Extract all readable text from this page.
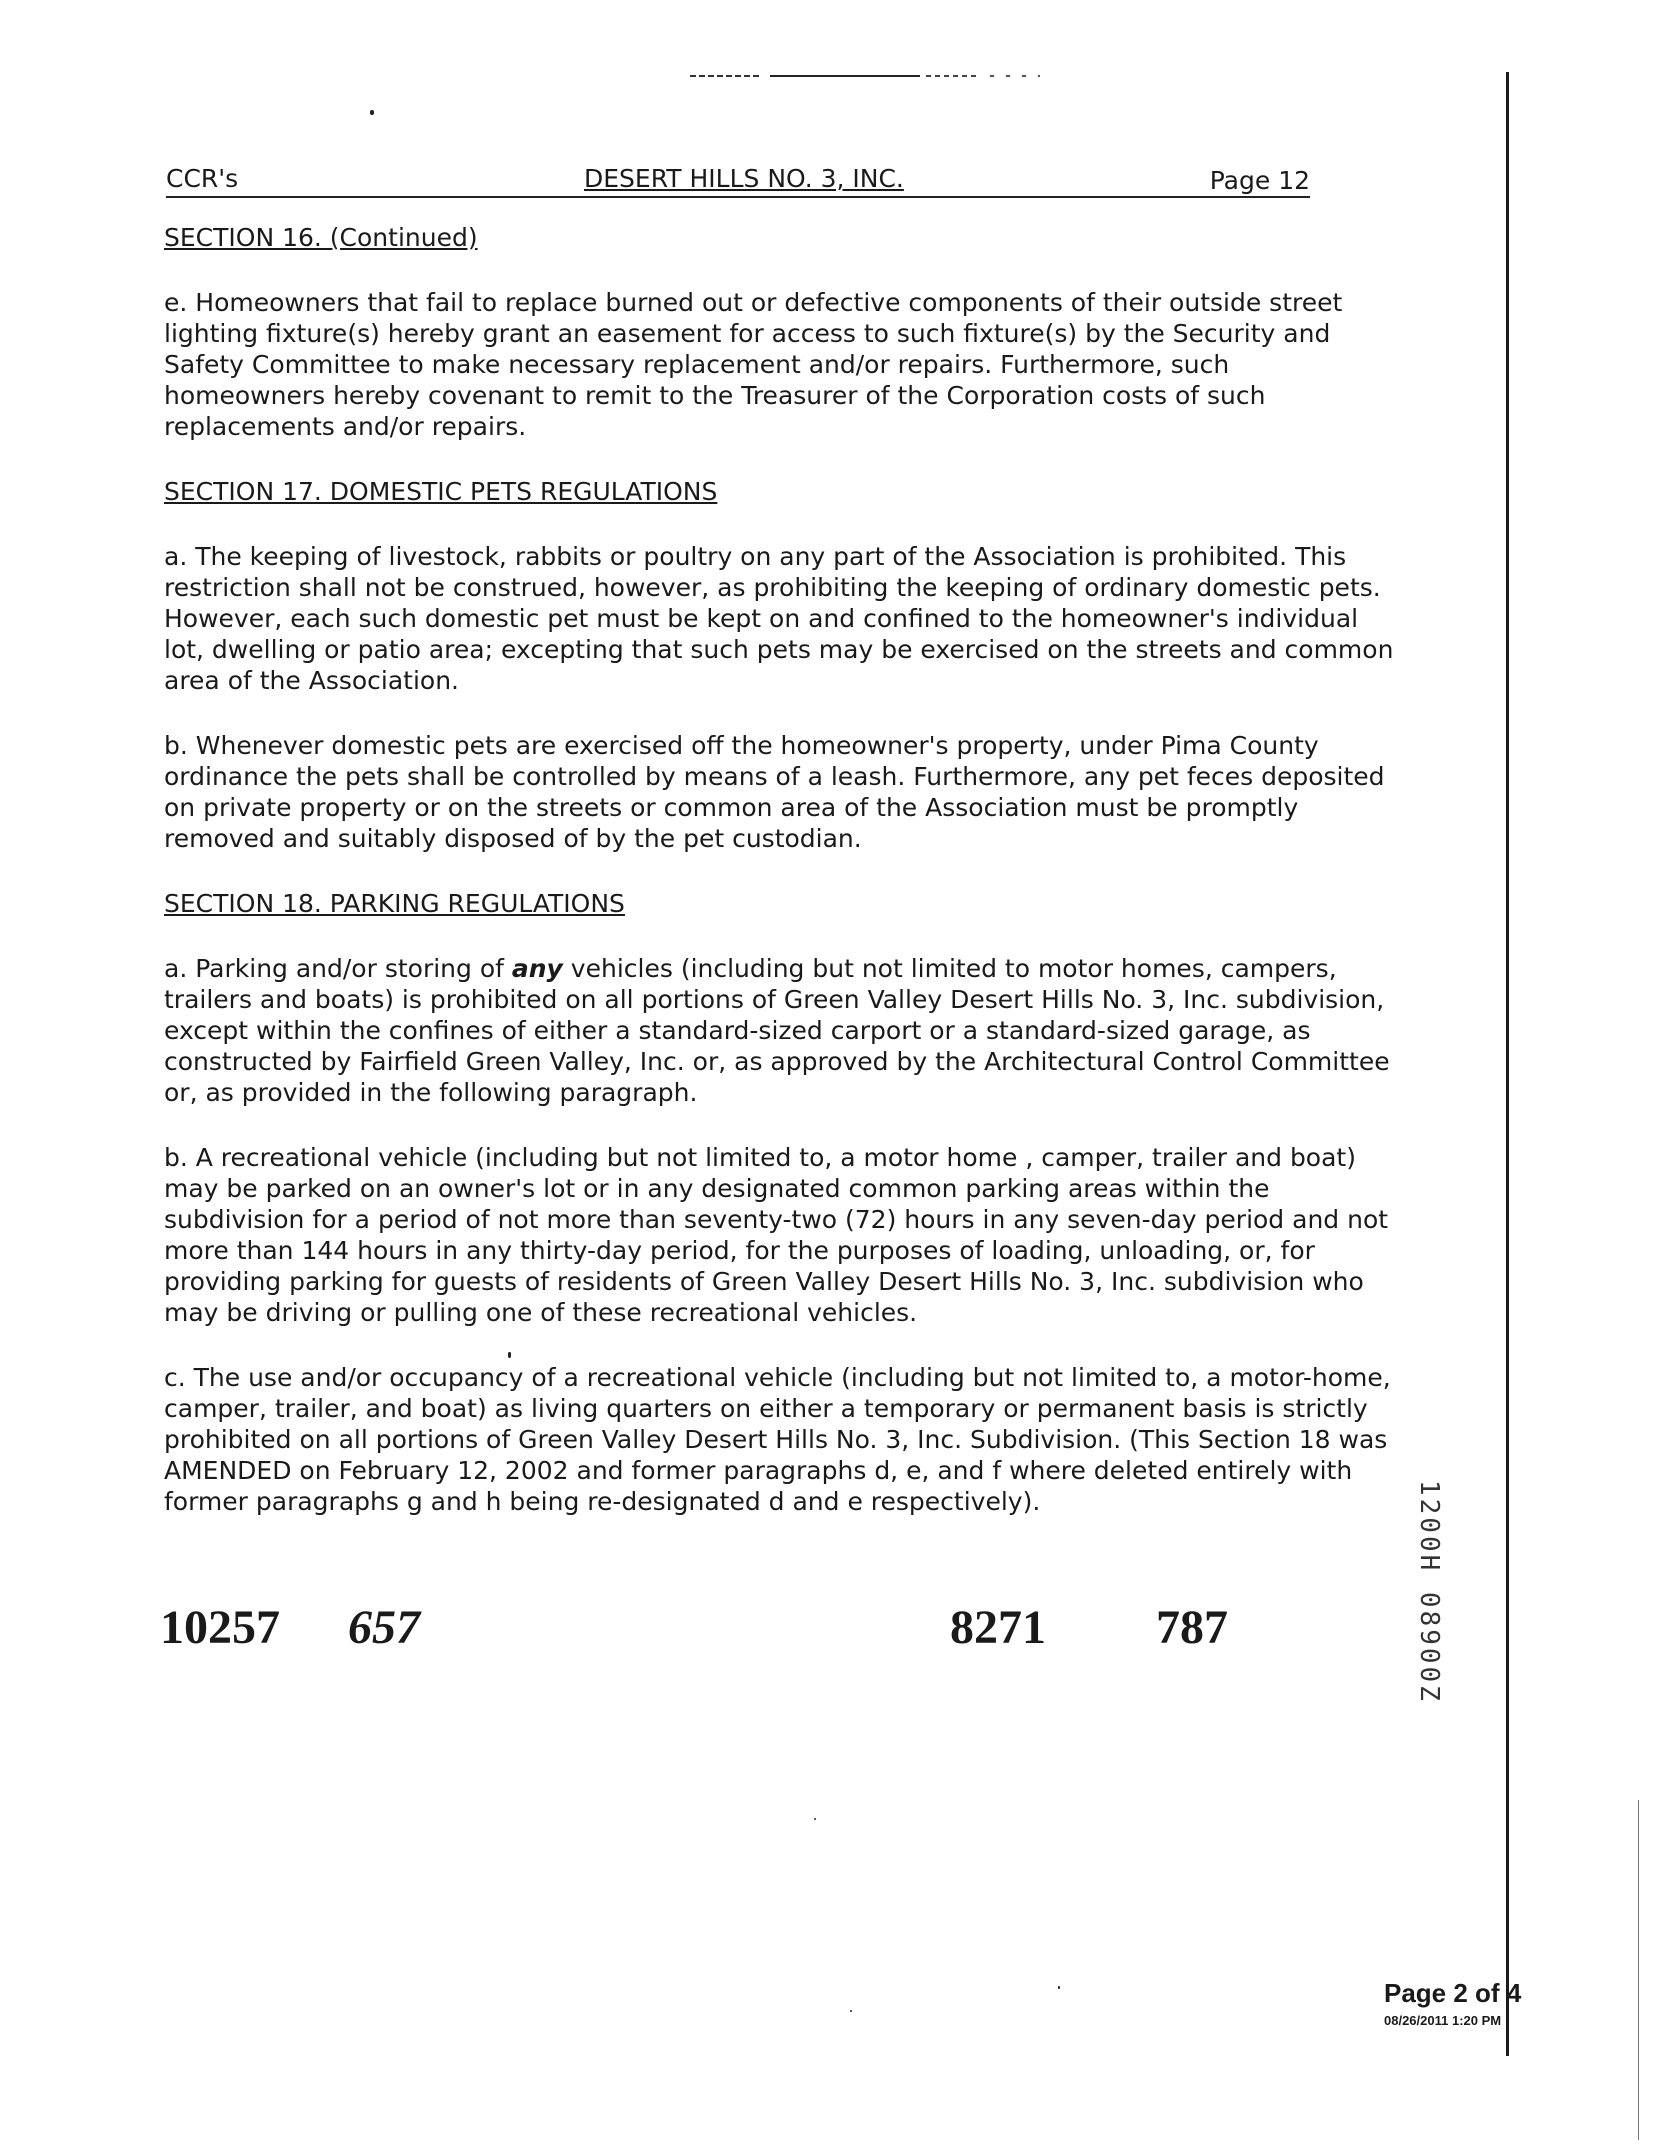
CCR's	DESERT HILLS NO. 3, INC.	Page 12
SECTION 16. (Continued)

e. Homeowners that fail to replace burned out or defective components of their outside street lighting fixture(s) hereby grant an easement for access to such fixture(s) by the Security and Safety Committee to make necessary replacement and/or repairs. Furthermore, such homeowners hereby covenant to remit to the Treasurer of the Corporation costs of such replacements and/or repairs.

SECTION 17. DOMESTIC PETS REGULATIONS

a. The keeping of livestock, rabbits or poultry on any part of the Association is prohibited. This restriction shall not be construed, however, as prohibiting the keeping of ordinary domestic pets. However, each such domestic pet must be kept on and confined to the homeowner's individual lot, dwelling or patio area; excepting that such pets may be exercised on the streets and common area of the Association.

b. Whenever domestic pets are exercised off the homeowner's property, under Pima County ordinance the pets shall be controlled by means of a leash. Furthermore, any pet feces deposited on private property or on the streets or common area of the Association must be promptly removed and suitably disposed of by the pet custodian.

SECTION 18. PARKING REGULATIONS

a. Parking and/or storing of any vehicles (including but not limited to motor homes, campers, trailers and boats) is prohibited on all portions of Green Valley Desert Hills No. 3, Inc. subdivision, except within the confines of either a standard-sized carport or a standard-sized garage, as constructed by Fairfield Green Valley, Inc. or, as approved by the Architectural Control Committee or, as provided in the following paragraph.

b. A recreational vehicle (including but not limited to, a motor home , camper, trailer and boat) may be parked on an owner's lot or in any designated common parking areas within the subdivision for a period of not more than seventy-two (72) hours in any seven-day period and not more than 144 hours in any thirty-day period, for the purposes of loading, unloading, or, for providing parking for guests of residents of Green Valley Desert Hills No. 3, Inc. subdivision who may be driving or pulling one of these recreational vehicles.

c. The use and/or occupancy of a recreational vehicle (including but not limited to, a motor-home, camper, trailer, and boat) as living quarters on either a temporary or permanent basis is strictly prohibited on all portions of Green Valley Desert Hills No. 3, Inc. Subdivision. (This Section 18 was AMENDED on February 12, 2002 and former paragraphs d, e, and f where deleted entirely with former paragraphs g and h being re-designated d and e respectively).

10257 657	8271 787	1200H 08900Z
Page 2 of 4
08/26/2011 1:20 PM
